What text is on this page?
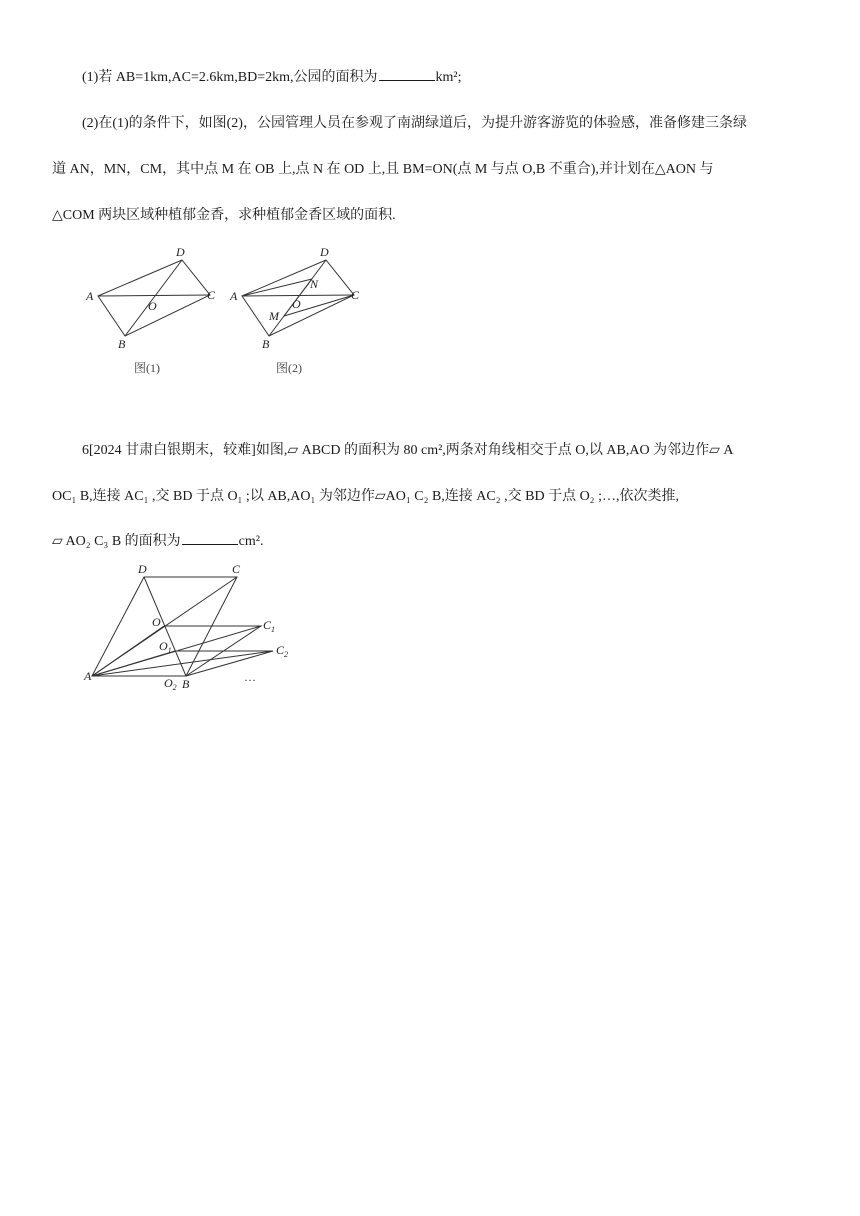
(1)若 AB=1km,AC=2.6km,BD=2km,公园的面积为	km²;
(2)在(1)的条件下，如图(2)，公园管理人员在参观了南湖绿道后，为提升游客游览的体验感，准备修建三条绿
道 AN，MN，CM，其中点 M 在 OB 上,点 N 在 OD 上,且 BM=ON(点 M 与点 O,B 不重合),并计划在△AON 与
△COM 两块区域种植郁金香，求种植郁金香区域的面积.
A
B
C
D
O
图(1)
A
B
C
D
O
M
N
图(2)
6[2024 甘肃白银期末，较难]如图,▱ ABCD 的面积为 80 cm²,两条对角线相交于点 O,以 AB,AO 为邻边作▱ A
OC₁ B,连接 AC₁ ,交 BD 于点 O₁ ;以 AB,AO₁ 为邻边作▱AO₁ C₂ B,连接 AC₂ ,交 BD 于点 O₂ ;…,依次类推,
▱ AO₂ C₃ B 的面积为	cm².
A
B
C
D
O
$O_1$
$O_2$
$C_1$
$C_2$
…
